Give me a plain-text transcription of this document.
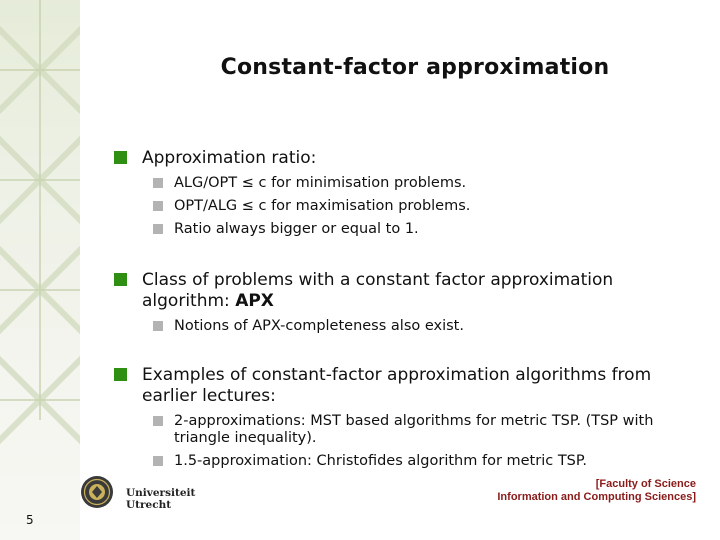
Constant-factor approximation
Approximation ratio:
ALG/OPT ≤ c for minimisation problems.
OPT/ALG ≤ c for maximisation problems.
Ratio always bigger or equal to 1.
Class of problems with a constant factor approximation algorithm: APX
Notions of APX-completeness also exist.
Examples of constant-factor approximation algorithms from earlier lectures:
2-approximations: MST based algorithms for metric TSP. (TSP with triangle inequality).
1.5-approximation: Christofides algorithm for metric TSP.
Universiteit Utrecht
[Faculty of Science
Information and Computing Sciences]
5
